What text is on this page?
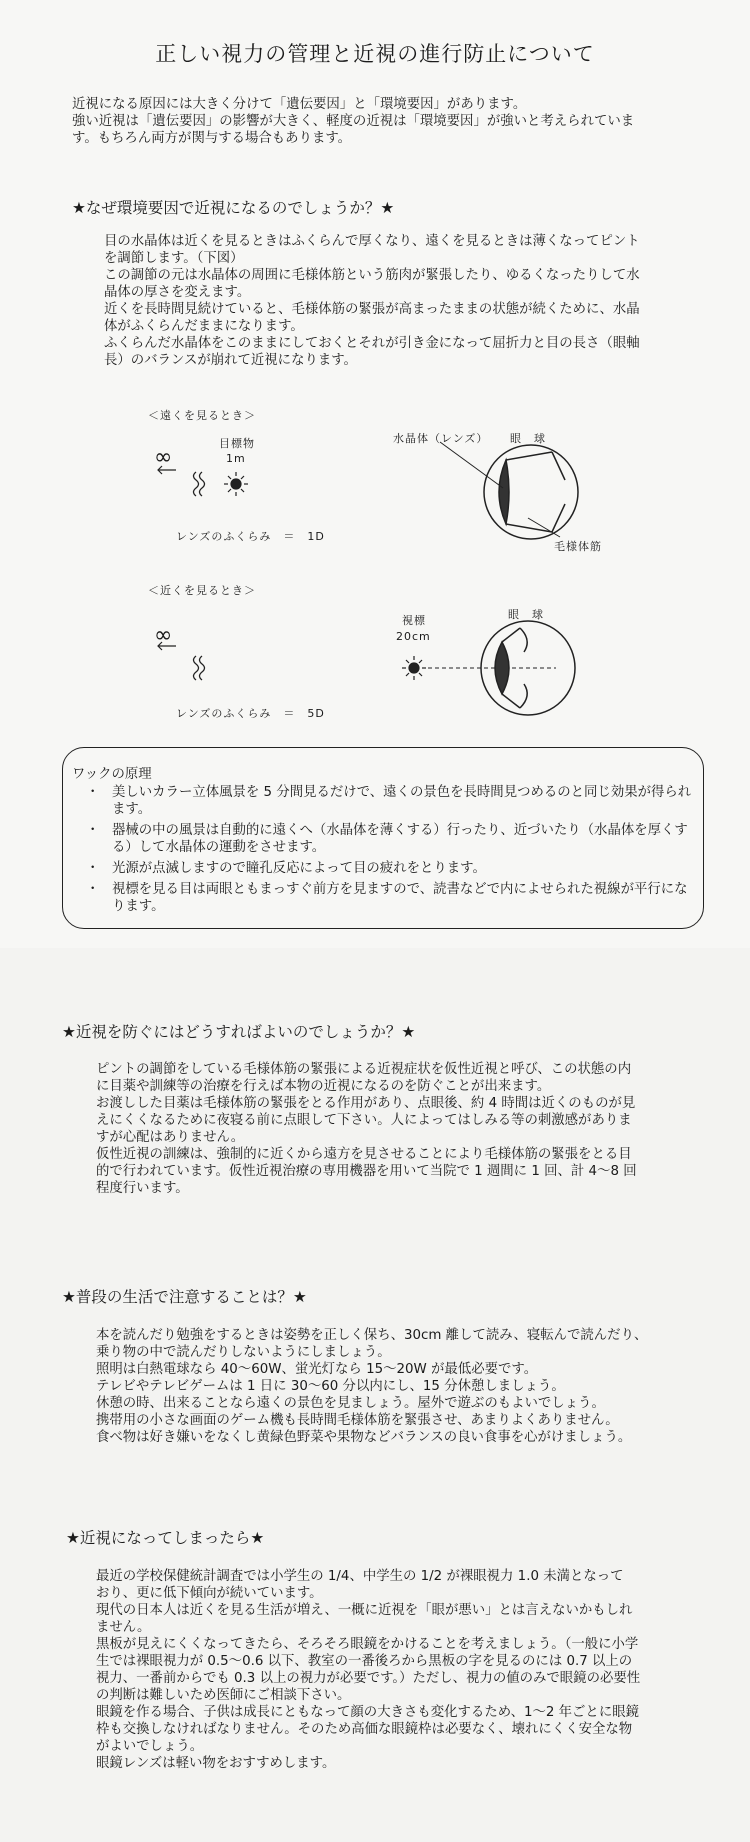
正しい視力の管理と近視の進行防止について

近視になる原因には大きく分けて「遺伝要因」と「環境要因」があります。

強い近視は「遺伝要因」の影響が大きく、軽度の近視は「環境要因」が強いと考えられていま

す。もちろん両方が関与する場合もあります。

★なぜ環境要因で近視になるのでしょうか？★

目の水晶体は近くを見るときはふくらんで厚くなり、遠くを見るときは薄くなってピント

を調節します。（下図）

この調節の元は水晶体の周囲に毛様体筋という筋肉が緊張したり、ゆるくなったりして水

晶体の厚さを変えます。

近くを長時間見続けていると、毛様体筋の緊張が高まったままの状態が続くために、水晶

体がふくらんだままになります。

ふくらんだ水晶体をこのままにしておくとそれが引き金になって屈折力と目の長さ（眼軸

長）のバランスが崩れて近視になります。

＜遠くを見るとき＞
∞
目標物
1m
レンズのふくらみ　＝　1D
水晶体（レンズ） 眼　球
毛様体筋
＜近くを見るとき＞
∞
視標
20cm
眼　球
レンズのふくらみ　＝　5D
ワックの原理
・ 美しいカラー立体風景を 5 分間見るだけで、遠くの景色を長時間見つめるのと同じ効果が得られます。
・ 器械の中の風景は自動的に遠くへ（水晶体を薄くする）行ったり、近づいたり（水晶体を厚くする）して水晶体の運動をさせます。
・ 光源が点滅しますので瞳孔反応によって目の疲れをとります。
・ 視標を見る目は両眼ともまっすぐ前方を見ますので、読書などで内によせられた視線が平行になります。
★近視を防ぐにはどうすればよいのでしょうか？★

ピントの調節をしている毛様体筋の緊張による近視症状を仮性近視と呼び、この状態の内

に目薬や訓練等の治療を行えば本物の近視になるのを防ぐことが出来ます。

お渡しした目薬は毛様体筋の緊張をとる作用があり、点眼後、約 4 時間は近くのものが見

えにくくなるために夜寝る前に点眼して下さい。人によってはしみる等の刺激感がありま

すが心配はありません。

仮性近視の訓練は、強制的に近くから遠方を見させることにより毛様体筋の緊張をとる目

的で行われています。仮性近視治療の専用機器を用いて当院で 1 週間に 1 回、計 4〜8 回

程度行います。

★普段の生活で注意することは？★

本を読んだり勉強をするときは姿勢を正しく保ち、30cm 離して読み、寝転んで読んだり、

乗り物の中で読んだりしないようにしましょう。

照明は白熱電球なら 40〜60W、蛍光灯なら 15〜20W が最低必要です。

テレビやテレビゲームは 1 日に 30〜60 分以内にし、15 分休憩しましょう。

休憩の時、出来ることなら遠くの景色を見ましょう。屋外で遊ぶのもよいでしょう。

携帯用の小さな画面のゲーム機も長時間毛様体筋を緊張させ、あまりよくありません。

食べ物は好き嫌いをなくし黄緑色野菜や果物などバランスの良い食事を心がけましょう。

★近視になってしまったら★

最近の学校保健統計調査では小学生の 1/4、中学生の 1/2 が裸眼視力 1.0 未満となって

おり、更に低下傾向が続いています。

現代の日本人は近くを見る生活が増え、一概に近視を「眼が悪い」とは言えないかもしれ

ません。

黒板が見えにくくなってきたら、そろそろ眼鏡をかけることを考えましょう。（一般に小学

生では裸眼視力が 0.5〜0.6 以下、教室の一番後ろから黒板の字を見るのには 0.7 以上の

視力、一番前からでも 0.3 以上の視力が必要です。）ただし、視力の値のみで眼鏡の必要性

の判断は難しいため医師にご相談下さい。

眼鏡を作る場合、子供は成長にともなって顔の大きさも変化するため、1〜2 年ごとに眼鏡

枠も交換しなければなりません。そのため高価な眼鏡枠は必要なく、壊れにくく安全な物

がよいでしょう。

眼鏡レンズは軽い物をおすすめします。
